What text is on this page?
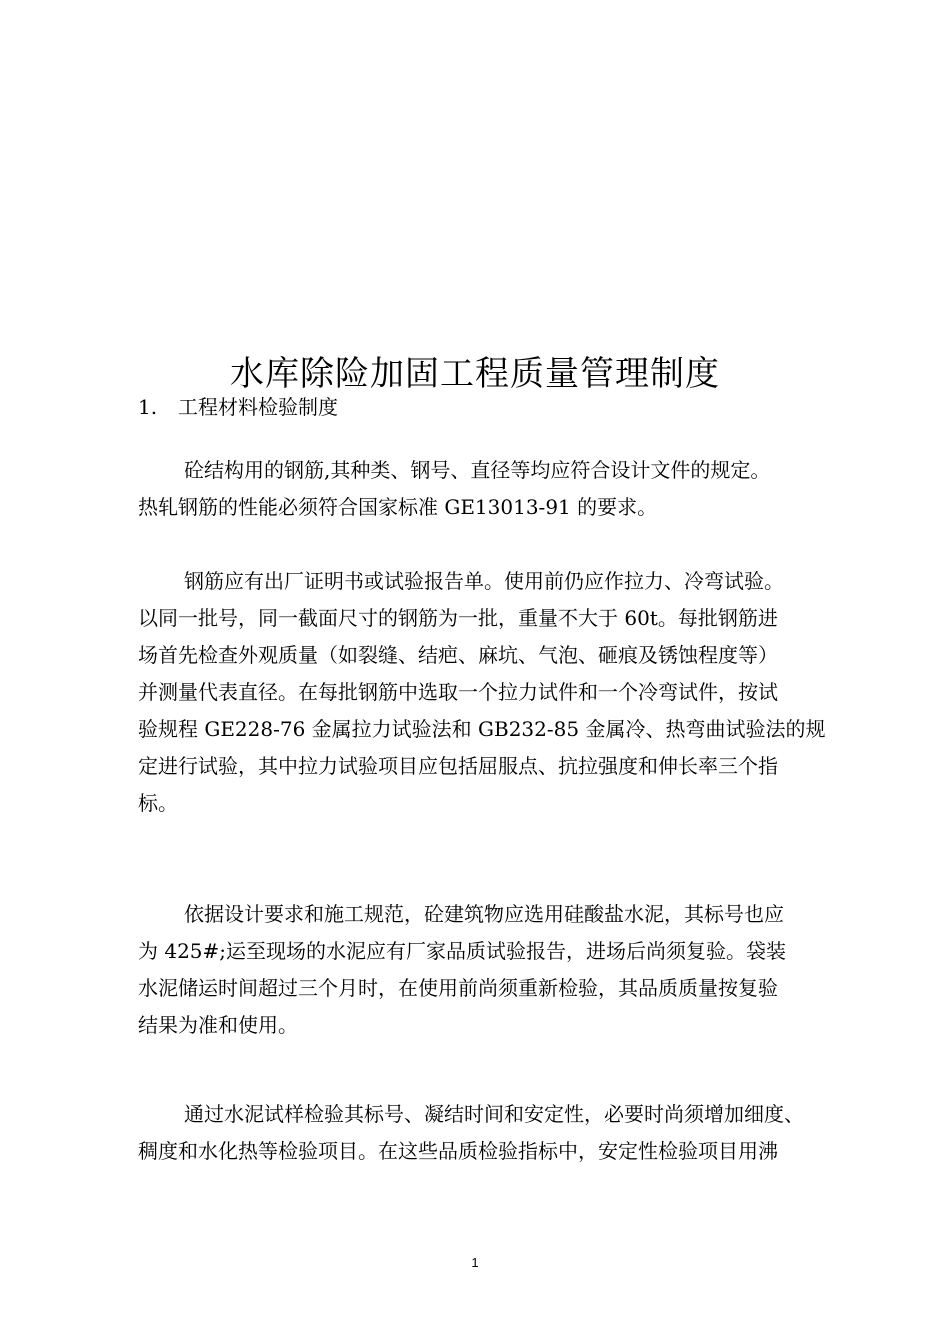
水库除险加固工程质量管理制度
1. 工程材料检验制度
砼结构用的钢筋,其种类、钢号、直径等均应符合设计文件的规定。
热轧钢筋的性能必须符合国家标准 GE13013-91 的要求。
钢筋应有出厂证明书或试验报告单。使用前仍应作拉力、冷弯试验。
以同一批号，同一截面尺寸的钢筋为一批，重量不大于 60t。每批钢筋进
场首先检查外观质量（如裂缝、结疤、麻坑、气泡、砸痕及锈蚀程度等）
并测量代表直径。在每批钢筋中选取一个拉力试件和一个冷弯试件，按试
验规程 GE228-76 金属拉力试验法和 GB232-85 金属冷、热弯曲试验法的规
定进行试验，其中拉力试验项目应包括屈服点、抗拉强度和伸长率三个指
标。
依据设计要求和施工规范，砼建筑物应选用硅酸盐水泥，其标号也应
为 425#;运至现场的水泥应有厂家品质试验报告，进场后尚须复验。袋装
水泥储运时间超过三个月时，在使用前尚须重新检验，其品质质量按复验
结果为准和使用。
通过水泥试样检验其标号、凝结时间和安定性，必要时尚须增加细度、
稠度和水化热等检验项目。在这些品质检验指标中，安定性检验项目用沸
1
